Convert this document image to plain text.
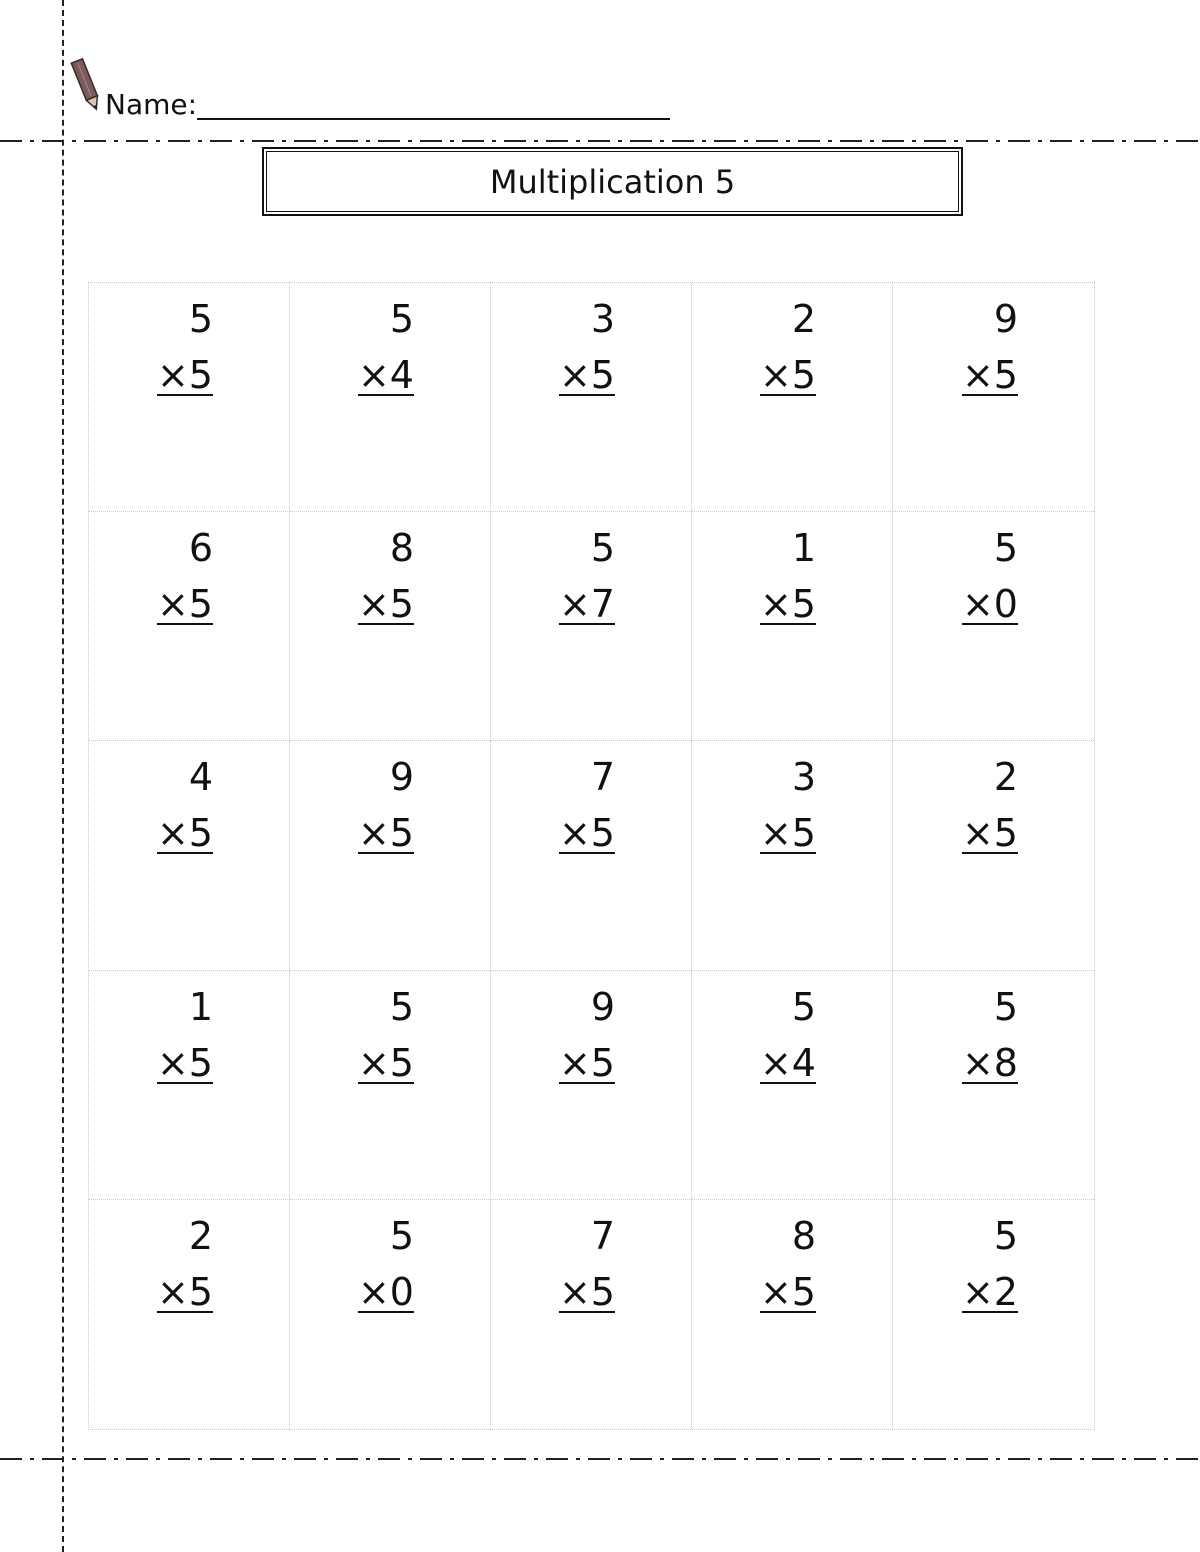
Name:
Multiplication 5
5
×5
5
×4
3
×5
2
×5
9
×5
6
×5
8
×5
5
×7
1
×5
5
×0
4
×5
9
×5
7
×5
3
×5
2
×5
1
×5
5
×5
9
×5
5
×4
5
×8
2
×5
5
×0
7
×5
8
×5
5
×2
